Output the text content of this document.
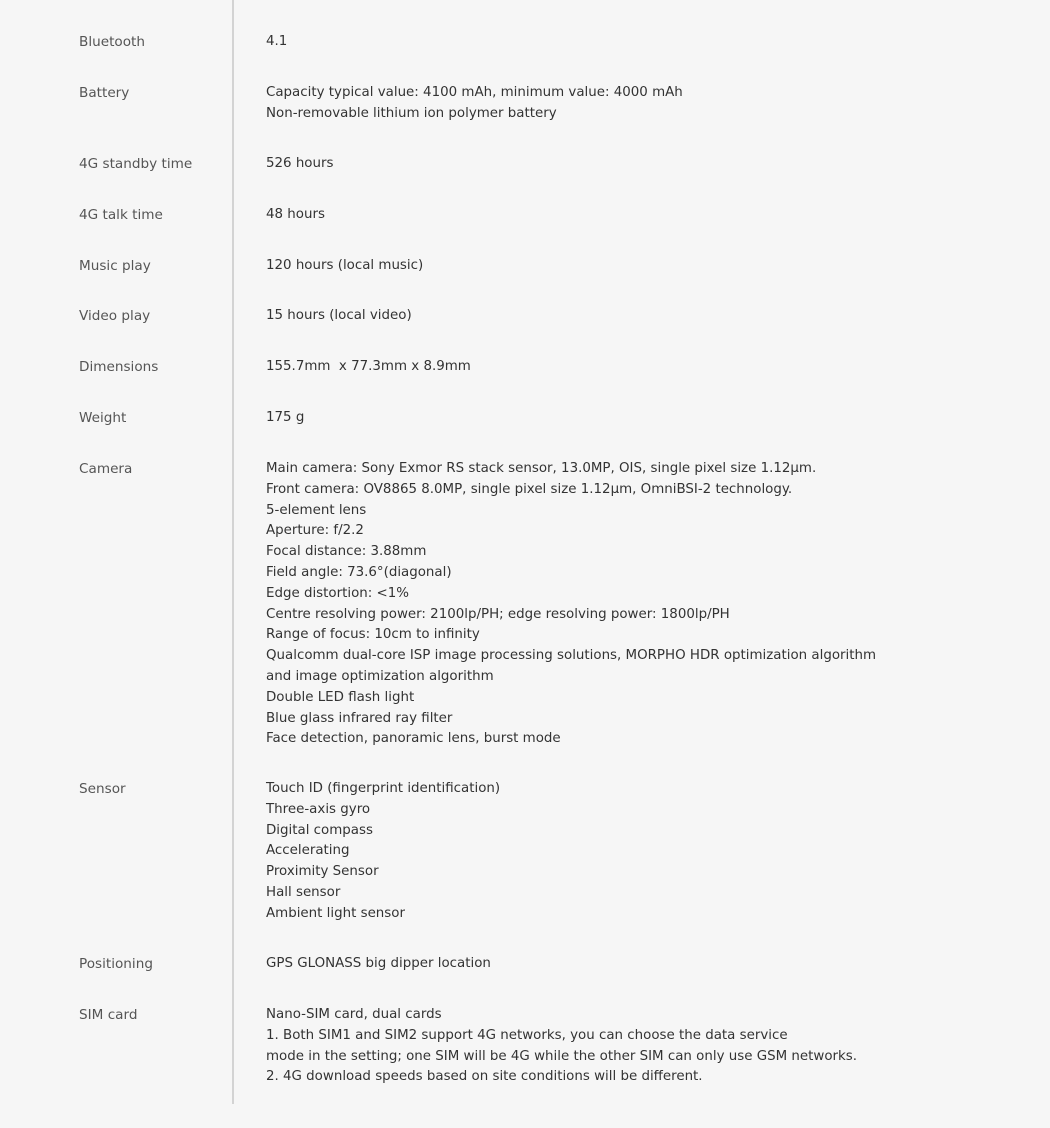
Bluetooth	4.1
Battery	Capacity typical value: 4100 mAh, minimum value: 4000 mAh
Non-removable lithium ion polymer battery
4G standby time	526 hours
4G talk time	48 hours
Music play	120 hours (local music)
Video play	15 hours (local video)
Dimensions	155.7mm  x 77.3mm x 8.9mm
Weight	175 g
Camera	Main camera: Sony Exmor RS stack sensor, 13.0MP, OIS, single pixel size 1.12μm.
Front camera: OV8865 8.0MP, single pixel size 1.12μm, OmniBSI-2 technology.
5-element lens
Aperture: f/2.2
Focal distance: 3.88mm
Field angle: 73.6°(diagonal)
Edge distortion: <1%
Centre resolving power: 2100lp/PH; edge resolving power: 1800lp/PH
Range of focus: 10cm to infinity
Qualcomm dual-core ISP image processing solutions, MORPHO HDR optimization algorithm
and image optimization algorithm
Double LED flash light
Blue glass infrared ray filter
Face detection, panoramic lens, burst mode
Sensor	Touch ID (fingerprint identification)
Three-axis gyro
Digital compass
Accelerating
Proximity Sensor
Hall sensor
Ambient light sensor
Positioning	GPS GLONASS big dipper location
SIM card	Nano-SIM card, dual cards
1. Both SIM1 and SIM2 support 4G networks, you can choose the data service
mode in the setting; one SIM will be 4G while the other SIM can only use GSM networks.
2. 4G download speeds based on site conditions will be different.
